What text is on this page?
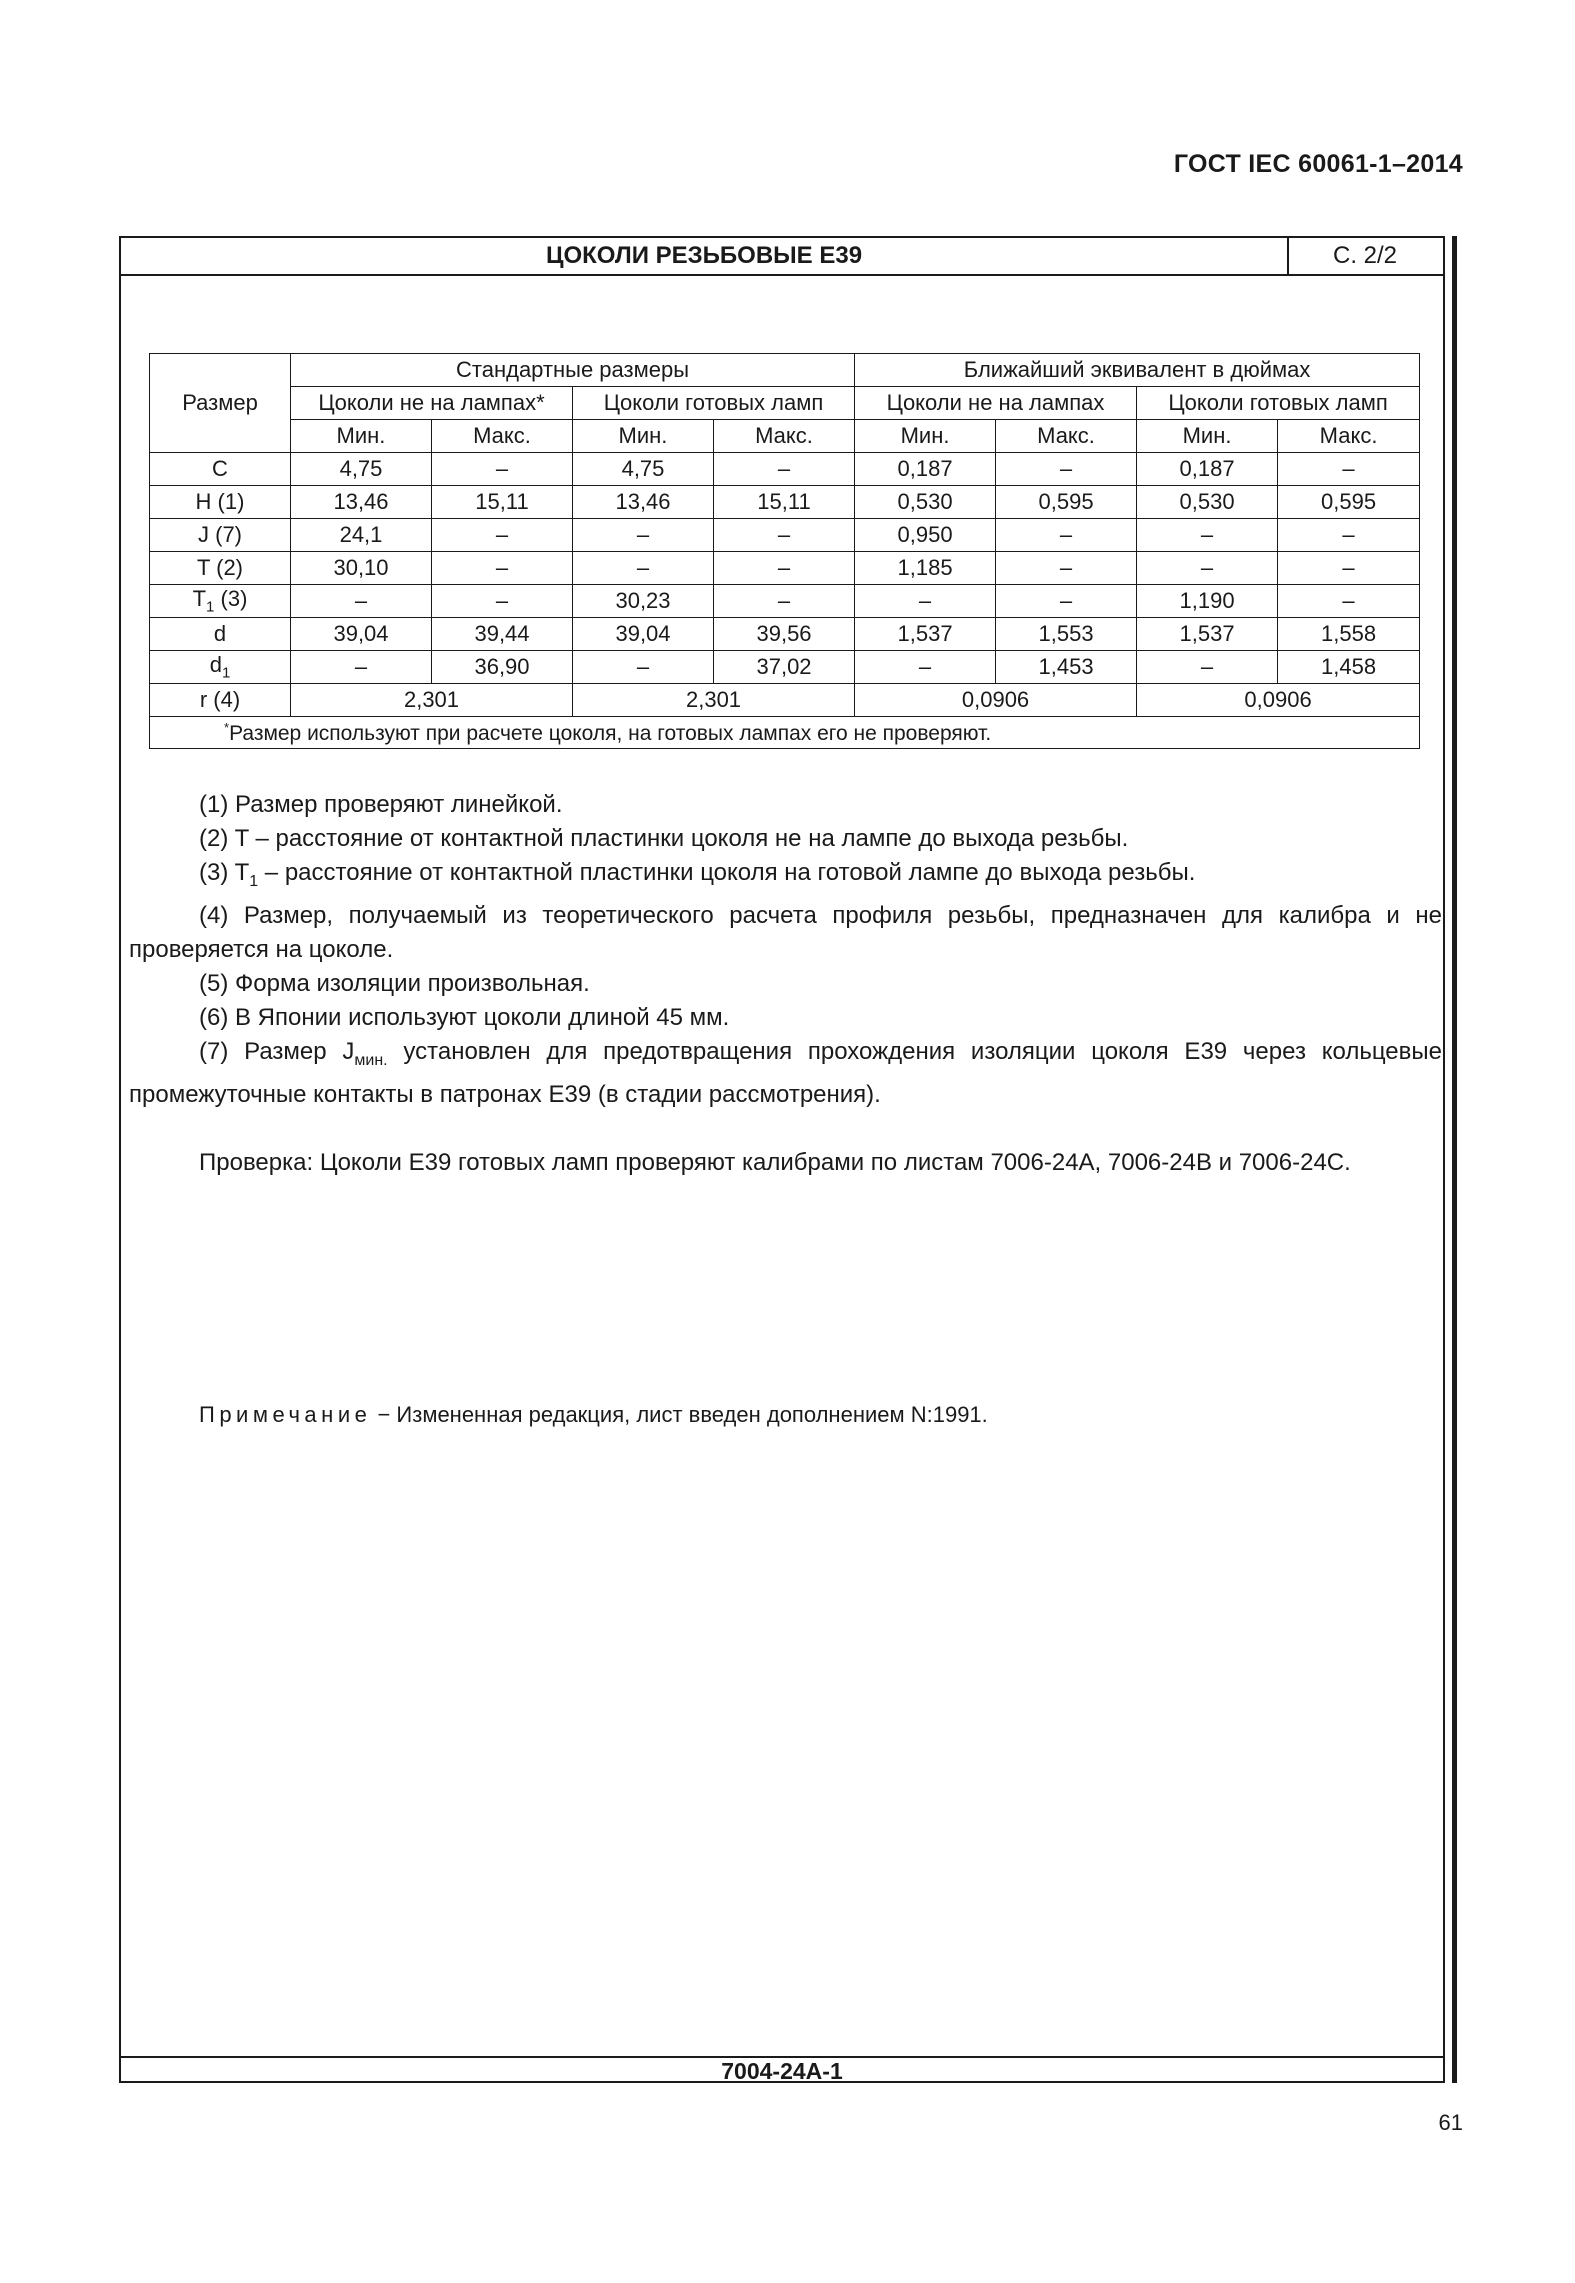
ГОСТ IEC 60061-1–2014
ЦОКОЛИ РЕЗЬБОВЫЕ E39	С. 2/2
Размер	Стандартные размеры				Ближайший эквивалент в дюймах			
	Цоколи не на лампах*		Цоколи готовых ламп		Цоколи не на лампах		Цоколи готовых ламп	
	Мин.	Макс.	Мин.	Макс.	Мин.	Макс.	Мин.	Макс.
C	4,75	–	4,75	–	0,187	–	0,187	–
H (1)	13,46	15,11	13,46	15,11	0,530	0,595	0,530	0,595
J (7)	24,1	–	–	–	0,950	–	–	–
T (2)	30,10	–	–	–	1,185	–	–	–
$T_1$ (3)	–	–	30,23	–	–	–	1,190	–
d	39,04	39,44	39,04	39,56	1,537	1,553	1,537	1,558
$d_1$	–	36,90	–	37,02	–	1,453	–	1,458
r (4)	2,301		2,301		0,0906		0,0906	
*Размер используют при расчете цоколя, на готовых лампах его не проверяют.								

(1) Размер проверяют линейкой.

(2) T – расстояние от контактной пластинки цоколя не на лампе до выхода резьбы.

(3) $T_1$ – расстояние от контактной пластинки цоколя на готовой лампе до выхода резьбы.

(4) Размер, получаемый из теоретического расчета профиля резьбы, предназначен для калибра и не проверяется на цоколе.

(5) Форма изоляции произвольная.

(6) В Японии используют цоколи длиной 45 мм.

(7) Размер $J_{мин.}$ установлен для предотвращения прохождения изоляции цоколя E39 через кольцевые промежуточные контакты в патронах E39 (в стадии рассмотрения).

Проверка: Цоколи E39 готовых ламп проверяют калибрами по листам 7006-24A, 7006-24B и 7006-24C.

Примечание − Измененная редакция, лист введен дополнением N:1991.
7004-24A-1
61
